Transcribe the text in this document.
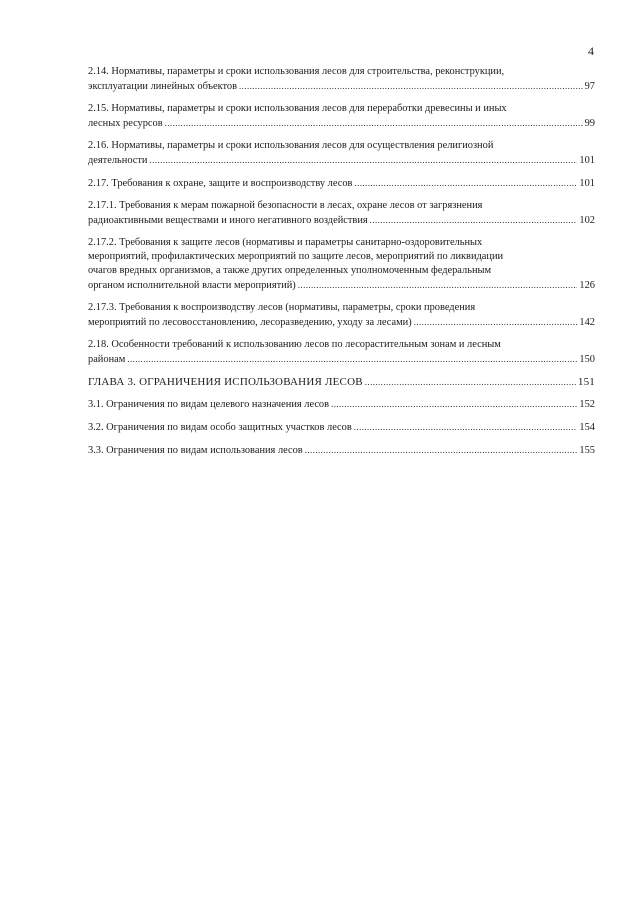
4
2.14. Нормативы, параметры и сроки использования лесов для строительства, реконструкции,
эксплуатации линейных объектов .....	97
2.15. Нормативы, параметры и сроки использования лесов для переработки древесины и иных
лесных ресурсов .....	99
2.16. Нормативы, параметры и сроки использования лесов для осуществления религиозной
деятельности .....	101
2.17. Требования к охране, защите и воспроизводству лесов .....	101
2.17.1. Требования к мерам пожарной безопасности в лесах, охране лесов от загрязнения
радиоактивными веществами и иного негативного воздействия .....	102
2.17.2. Требования к защите лесов (нормативы и параметры санитарно-оздоровительных
мероприятий, профилактических мероприятий по защите лесов, мероприятий по ликвидации
очагов вредных организмов, а также других определенных уполномоченным федеральным
органом исполнительной власти мероприятий) .....	126
2.17.3. Требования к воспроизводству лесов (нормативы, параметры, сроки проведения
мероприятий по лесовосстановлению, лесоразведению, уходу за лесами) .....	142
2.18. Особенности требований к использованию лесов по лесорастительным зонам и лесным
районам .....	150
ГЛАВА 3. ОГРАНИЧЕНИЯ ИСПОЛЬЗОВАНИЯ ЛЕСОВ .....	151
3.1. Ограничения по видам целевого назначения лесов .....	152
3.2. Ограничения по видам особо защитных участков лесов .....	154
3.3. Ограничения по видам использования лесов .....	155
